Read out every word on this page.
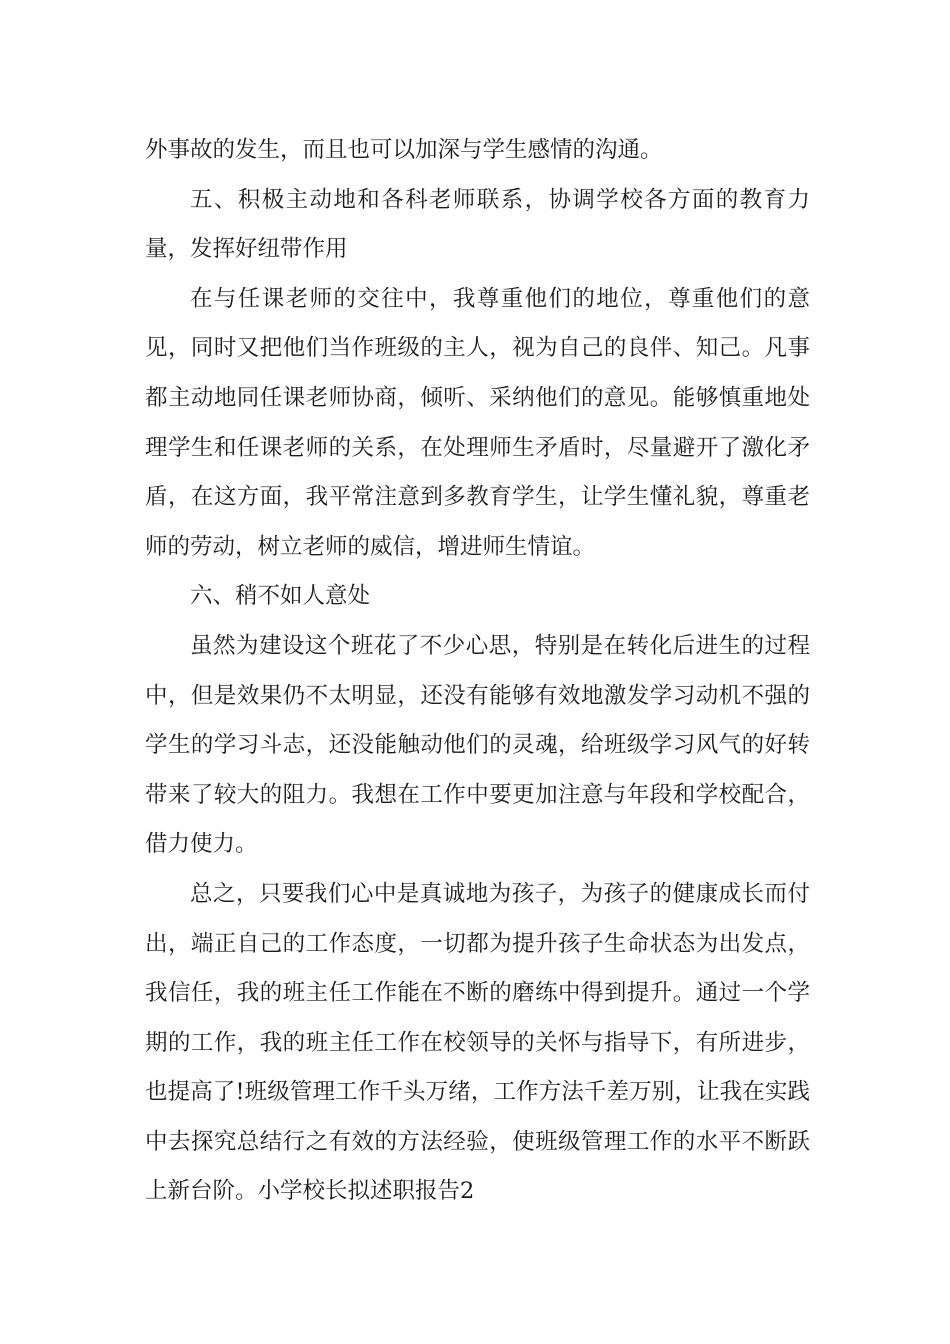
外事故的发生，而且也可以加深与学生感情的沟通。

五、积极主动地和各科老师联系，协调学校各方面的教育力量，发挥好纽带作用

在与任课老师的交往中，我尊重他们的地位，尊重他们的意见，同时又把他们当作班级的主人，视为自己的良伴、知己。凡事都主动地同任课老师协商，倾听、采纳他们的意见。能够慎重地处理学生和任课老师的关系，在处理师生矛盾时，尽量避开了激化矛盾，在这方面，我平常注意到多教育学生，让学生懂礼貌，尊重老师的劳动，树立老师的威信，增进师生情谊。

六、稍不如人意处

虽然为建设这个班花了不少心思，特别是在转化后进生的过程中，但是效果仍不太明显，还没有能够有效地激发学习动机不强的学生的学习斗志，还没能触动他们的灵魂，给班级学习风气的好转带来了较大的阻力。我想在工作中要更加注意与年段和学校配合，借力使力。

总之，只要我们心中是真诚地为孩子，为孩子的健康成长而付出，端正自己的工作态度，一切都为提升孩子生命状态为出发点，我信任，我的班主任工作能在不断的磨练中得到提升。通过一个学期的工作，我的班主任工作在校领导的关怀与指导下，有所进步，也提高了!班级管理工作千头万绪，工作方法千差万别，让我在实践中去探究总结行之有效的方法经验，使班级管理工作的水平不断跃上新台阶。小学校长拟述职报告2
